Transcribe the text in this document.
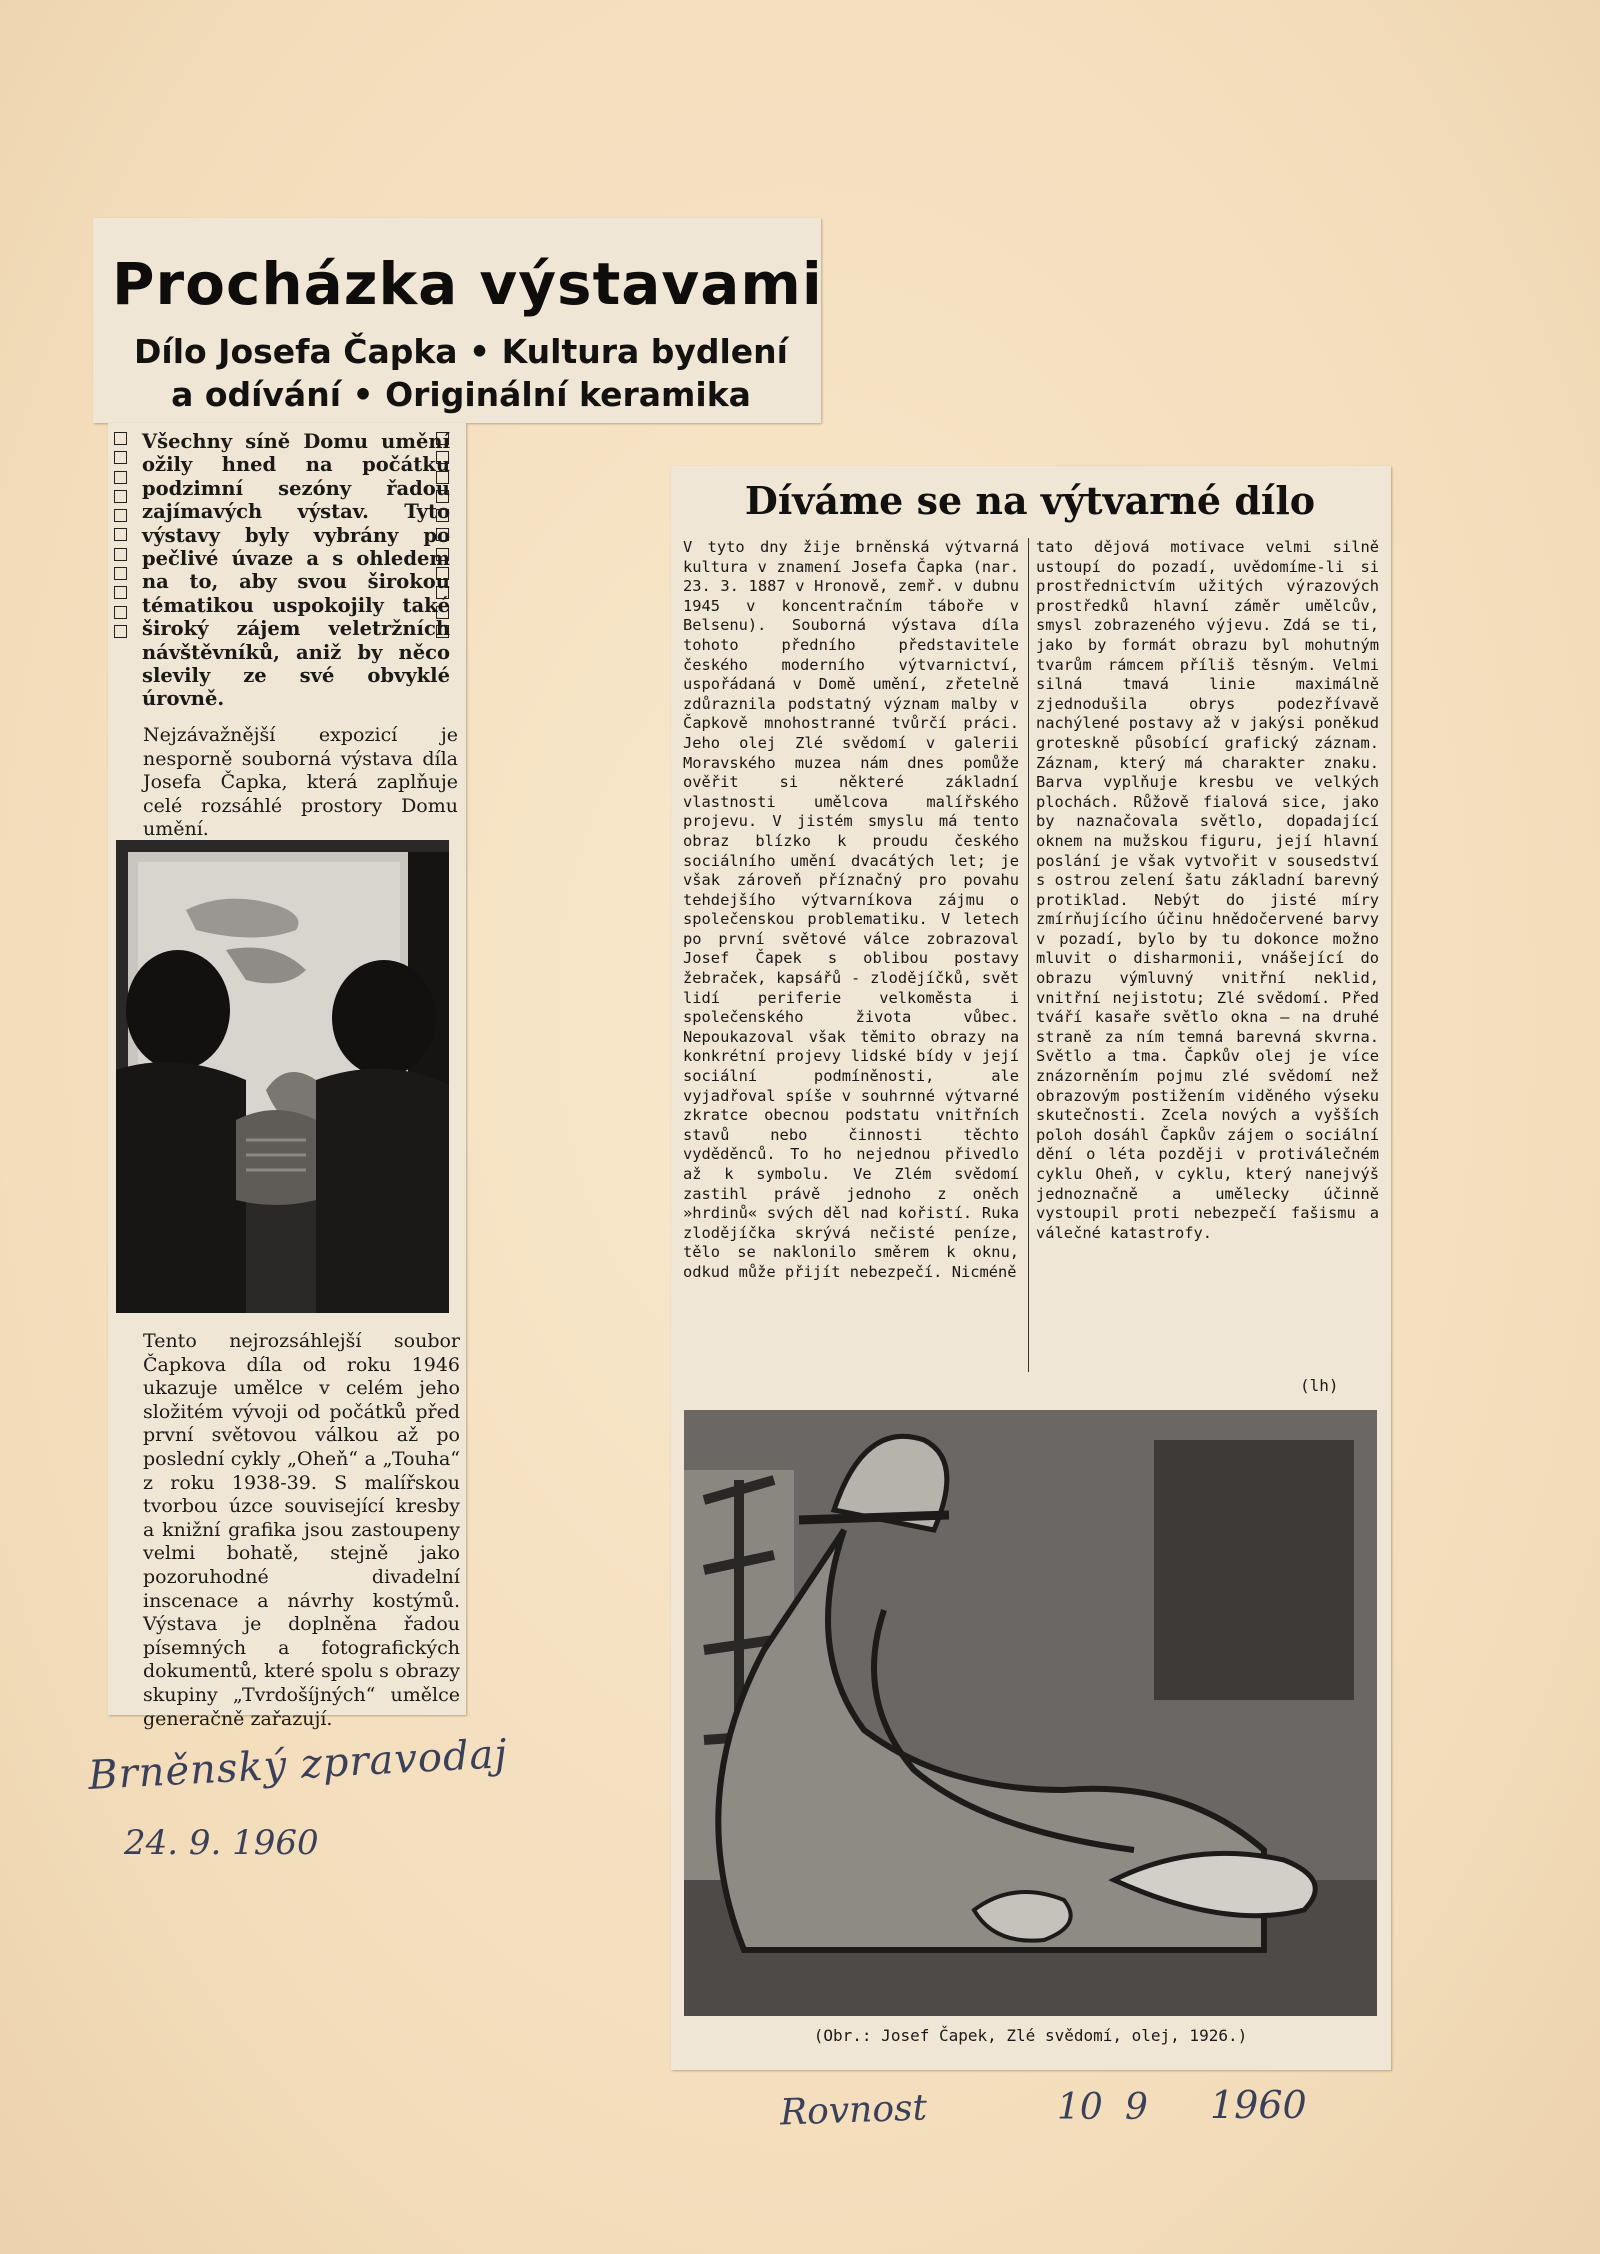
Procházka výstavami
Dílo Josefa Čapka • Kultura bydlení
a odívání • Originální keramika
Všechny síně Domu umění ožily hned na počátku podzimní sezóny řadou zajímavých výstav. Tyto výstavy byly vybrány po pečlivé úvaze a s ohledem na to, aby svou širokou tématikou uspokojily také široký zájem veletržních návštěvníků, aniž by něco slevily ze své obvyklé úrovně.
Nejzávažnější expozicí je nesporně souborná výstava díla Josefa Čapka, která zaplňuje celé rozsáhlé prostory Domu umění.
Tento nejrozsáhlejší soubor Čapkova díla od roku 1946 ukazuje umělce v celém jeho složitém vývoji od počátků před první světovou válkou až po poslední cykly „Oheň“ a „Touha“ z roku 1938-39. S malířskou tvorbou úzce související kresby a knižní grafika jsou zastoupeny velmi bohatě, stejně jako pozoruhodné divadelní inscenace a návrhy kostýmů. Výstava je doplněna řadou písemných a fotografických dokumentů, které spolu s obrazy skupiny „Tvrdošíjných“ umělce generačně zařazují.
Díváme se na výtvarné dílo
V tyto dny žije brněnská výtvarná kultura v znamení Josefa Čapka (nar. 23. 3. 1887 v Hronově, zemř. v dubnu 1945 v koncentračním táboře v Belsenu). Souborná výstava díla tohoto předního představitele českého moderního výtvarnictví, uspořádaná v Domě umění, zřetelně zdůraznila podstatný význam malby v Čapkově mnohostranné tvůrčí práci. Jeho olej Zlé svědomí v galerii Moravského muzea nám dnes pomůže ověřit si některé základní vlastnosti umělcova malířského projevu. V jistém smyslu má tento obraz blízko k proudu českého sociálního umění dvacátých let; je však zároveň příznačný pro povahu tehdejšího výtvarníkova zájmu o společenskou problematiku. V letech po první světové válce zobrazoval Josef Čapek s oblibou postavy žebraček, kapsářů - zlodějíčků, svět lidí periferie velkoměsta i společenského života vůbec. Nepoukazoval však těmito obrazy na konkrétní projevy lidské bídy v její sociální podmíněnosti, ale vyjadřoval spíše v souhrnné výtvarné zkratce obecnou podstatu vnitřních stavů nebo činnosti těchto vyděděnců. To ho nejednou přivedlo až k symbolu. Ve Zlém svědomí zastihl právě jednoho z oněch »hrdinů« svých děl nad kořistí. Ruka zlodějíčka skrývá nečisté peníze, tělo se naklonilo směrem k oknu, odkud může přijít nebezpečí. Nicméně
tato dějová motivace velmi silně ustoupí do pozadí, uvědomíme-li si prostřednictvím užitých výrazových prostředků hlavní záměr umělcův, smysl zobrazeného výjevu. Zdá se ti, jako by formát obrazu byl mohutným tvarům rámcem příliš těsným. Velmi silná tmavá linie maximálně zjednodušila obrys podezřívavě nachýlené postavy až v jakýsi poněkud groteskně působící grafický záznam. Záznam, který má charakter znaku. Barva vyplňuje kresbu ve velkých plochách. Růžově fialová sice, jako by naznačovala světlo, dopadající oknem na mužskou figuru, její hlavní poslání je však vytvořit v sousedství s ostrou zelení šatu základní barevný protiklad. Nebýt do jisté míry zmírňujícího účinu hnědočervené barvy v pozadí, bylo by tu dokonce možno mluvit o disharmonii, vnášející do obrazu výmluvný vnitřní neklid, vnitřní nejistotu; Zlé svědomí. Před tváří kasaře světlo okna — na druhé straně za ním temná barevná skvrna. Světlo a tma. Čapkův olej je více znázorněním pojmu zlé svědomí než obrazovým postižením viděného výseku skutečnosti. Zcela nových a vyšších poloh dosáhl Čapkův zájem o sociální dění o léta později v protiválečném cyklu Oheň, v cyklu, který nanejvýš jednoznačně a umělecky účinně vystoupil proti nebezpečí fašismu a válečné katastrofy.
(lh)
(Obr.: Josef Čapek, Zlé svědomí, olej, 1926.)
Brněnský zpravodaj
24. 9. 1960
Rovnost	10 9 1960
